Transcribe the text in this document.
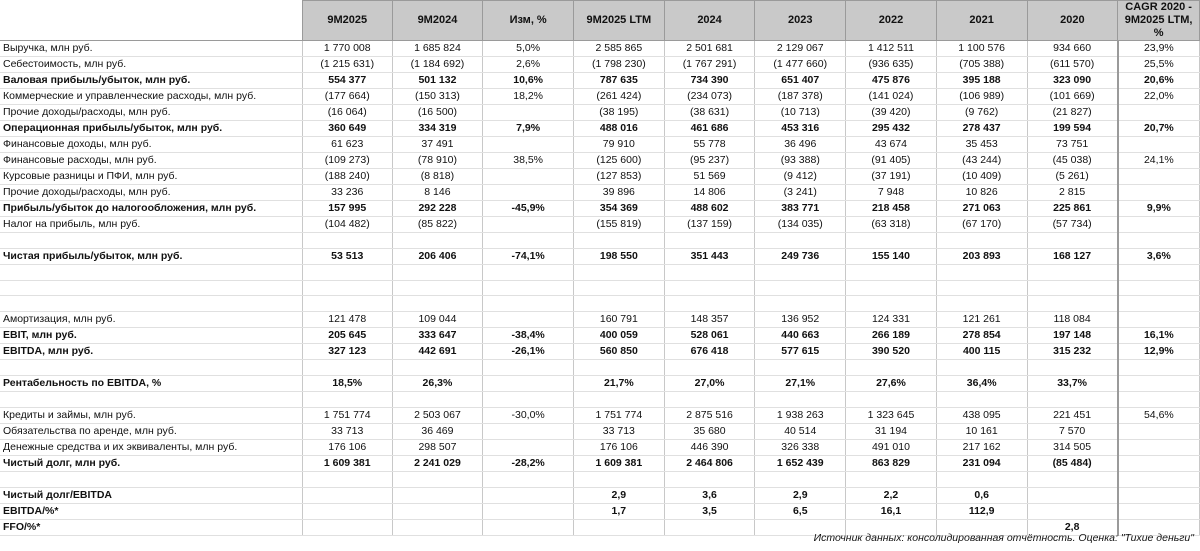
	9M2025	9M2024	Изм, %	9M2025 LTM	2024	2023	2022	2021	2020	CAGR 2020 - 9M2025 LTM, %
Выручка, млн руб.	1 770 008	1 685 824	5,0%	2 585 865	2 501 681	2 129 067	1 412 511	1 100 576	934 660	23,9%
Себестоимость, млн руб.	(1 215 631)	(1 184 692)	2,6%	(1 798 230)	(1 767 291)	(1 477 660)	(936 635)	(705 388)	(611 570)	25,5%
Валовая прибыль/убыток, млн руб.	554 377	501 132	10,6%	787 635	734 390	651 407	475 876	395 188	323 090	20,6%
Коммерческие и управленческие расходы, млн руб.	(177 664)	(150 313)	18,2%	(261 424)	(234 073)	(187 378)	(141 024)	(106 989)	(101 669)	22,0%
Прочие доходы/расходы, млн руб.	(16 064)	(16 500)		(38 195)	(38 631)	(10 713)	(39 420)	(9 762)	(21 827)	
Операционная прибыль/убыток, млн руб.	360 649	334 319	7,9%	488 016	461 686	453 316	295 432	278 437	199 594	20,7%
Финансовые доходы, млн руб.	61 623	37 491		79 910	55 778	36 496	43 674	35 453	73 751	
Финансовые расходы, млн руб.	(109 273)	(78 910)	38,5%	(125 600)	(95 237)	(93 388)	(91 405)	(43 244)	(45 038)	24,1%
Курсовые разницы и ПФИ, млн руб.	(188 240)	(8 818)		(127 853)	51 569	(9 412)	(37 191)	(10 409)	(5 261)	
Прочие доходы/расходы, млн руб.	33 236	8 146		39 896	14 806	(3 241)	7 948	10 826	2 815	
Прибыль/убыток до налогообложения, млн руб.	157 995	292 228	-45,9%	354 369	488 602	383 771	218 458	271 063	225 861	9,9%
Налог на прибыль, млн руб.	(104 482)	(85 822)		(155 819)	(137 159)	(134 035)	(63 318)	(67 170)	(57 734)	

Чистая прибыль/убыток, млн руб.	53 513	206 406	-74,1%	198 550	351 443	249 736	155 140	203 893	168 127	3,6%

Амортизация, млн руб.	121 478	109 044		160 791	148 357	136 952	124 331	121 261	118 084	
EBIT, млн руб.	205 645	333 647	-38,4%	400 059	528 061	440 663	266 189	278 854	197 148	16,1%
EBITDA, млн руб.	327 123	442 691	-26,1%	560 850	676 418	577 615	390 520	400 115	315 232	12,9%

Рентабельность по EBITDA, %	18,5%	26,3%		21,7%	27,0%	27,1%	27,6%	36,4%	33,7%	

Кредиты и займы, млн руб.	1 751 774	2 503 067	-30,0%	1 751 774	2 875 516	1 938 263	1 323 645	438 095	221 451	54,6%
Обязательства по аренде, млн руб.	33 713	36 469		33 713	35 680	40 514	31 194	10 161	7 570	
Денежные средства и их эквиваленты, млн руб.	176 106	298 507		176 106	446 390	326 338	491 010	217 162	314 505	
Чистый долг, млн руб.	1 609 381	2 241 029	-28,2%	1 609 381	2 464 806	1 652 439	863 829	231 094	(85 484)	

Чистый долг/EBITDA				2,9	3,6	2,9	2,2	0,6		
EBITDA/%*				1,7	3,5	6,5	16,1	112,9		
FFO/%*									2,8	
Источник данных: консолидированная отчётность. Оценка: "Тихие деньги"
